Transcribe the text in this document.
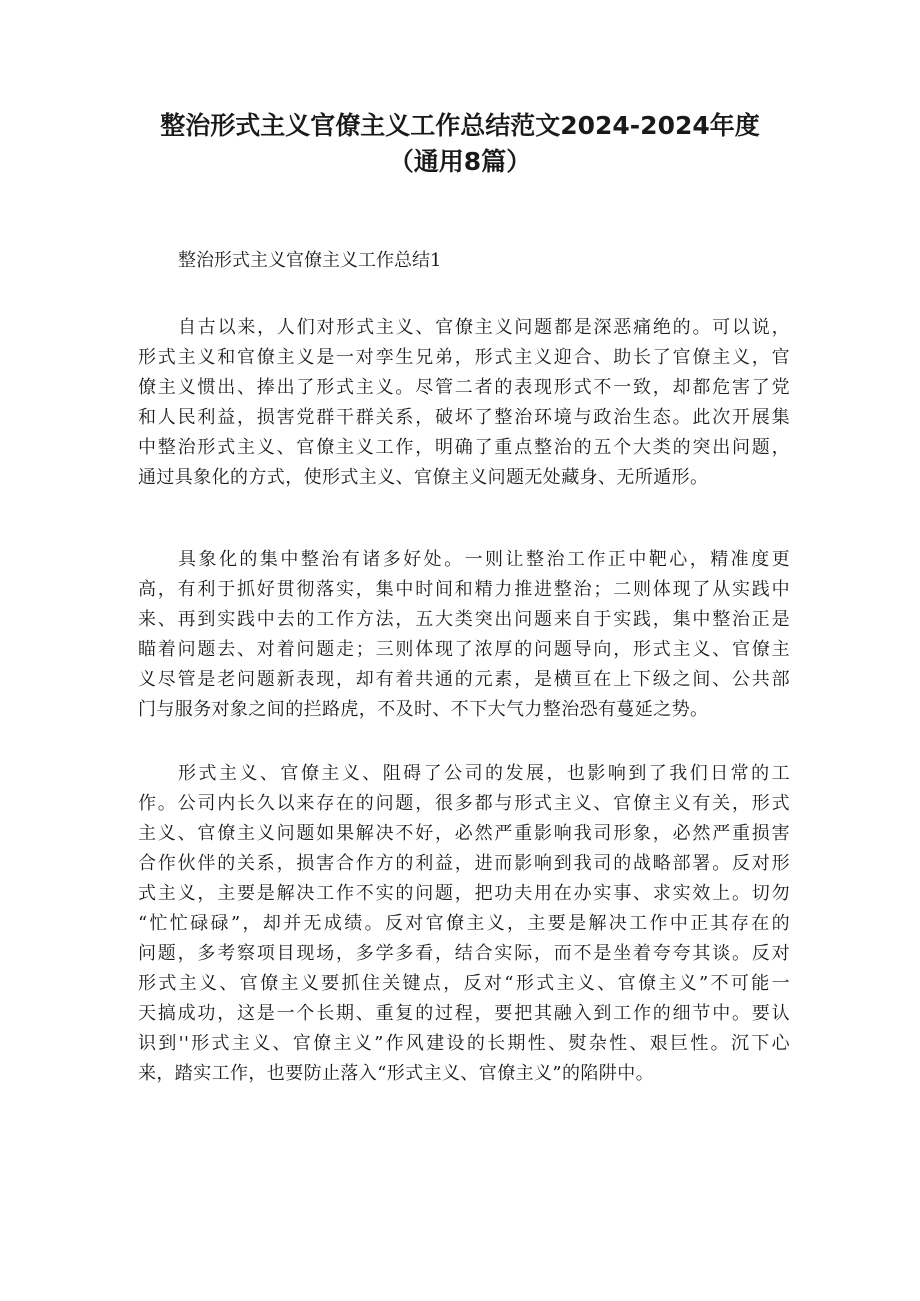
整治形式主义官僚主义工作总结范文2024-2024年度
（通用8篇）

整治形式主义官僚主义工作总结1

自古以来，人们对形式主义、官僚主义问题都是深恶痛绝的。可以说，
形式主义和官僚主义是一对孪生兄弟，形式主义迎合、助长了官僚主义，官
僚主义惯出、捧出了形式主义。尽管二者的表现形式不一致，却都危害了党
和人民利益，损害党群干群关系，破坏了整治环境与政治生态。此次开展集
中整治形式主义、官僚主义工作，明确了重点整治的五个大类的突出问题，
通过具象化的方式，使形式主义、官僚主义问题无处藏身、无所遁形。

具象化的集中整治有诸多好处。一则让整治工作正中靶心，精准度更
高，有利于抓好贯彻落实，集中时间和精力推进整治；二则体现了从实践中
来、再到实践中去的工作方法，五大类突出问题来自于实践，集中整治正是
瞄着问题去、对着问题走；三则体现了浓厚的问题导向，形式主义、官僚主
义尽管是老问题新表现，却有着共通的元素，是横亘在上下级之间、公共部
门与服务对象之间的拦路虎，不及时、不下大气力整治恐有蔓延之势。

形式主义、官僚主义、阻碍了公司的发展，也影响到了我们日常的工
作。公司内长久以来存在的问题，很多都与形式主义、官僚主义有关，形式
主义、官僚主义问题如果解决不好，必然严重影响我司形象，必然严重损害
合作伙伴的关系，损害合作方的利益，进而影响到我司的战略部署。反对形
式主义，主要是解决工作不实的问题，把功夫用在办实事、求实效上。切勿
“忙忙碌碌”，却并无成绩。反对官僚主义，主要是解决工作中正其存在的
问题，多考察项目现场，多学多看，结合实际，而不是坐着夸夸其谈。反对
形式主义、官僚主义要抓住关键点，反对“形式主义、官僚主义”不可能一
天搞成功，这是一个长期、重复的过程，要把其融入到工作的细节中。要认
识到''形式主义、官僚主义”作风建设的长期性、熨杂性、艰巨性。沉下心
来，踏实工作，也要防止落入“形式主义、官僚主义”的陷阱中。
